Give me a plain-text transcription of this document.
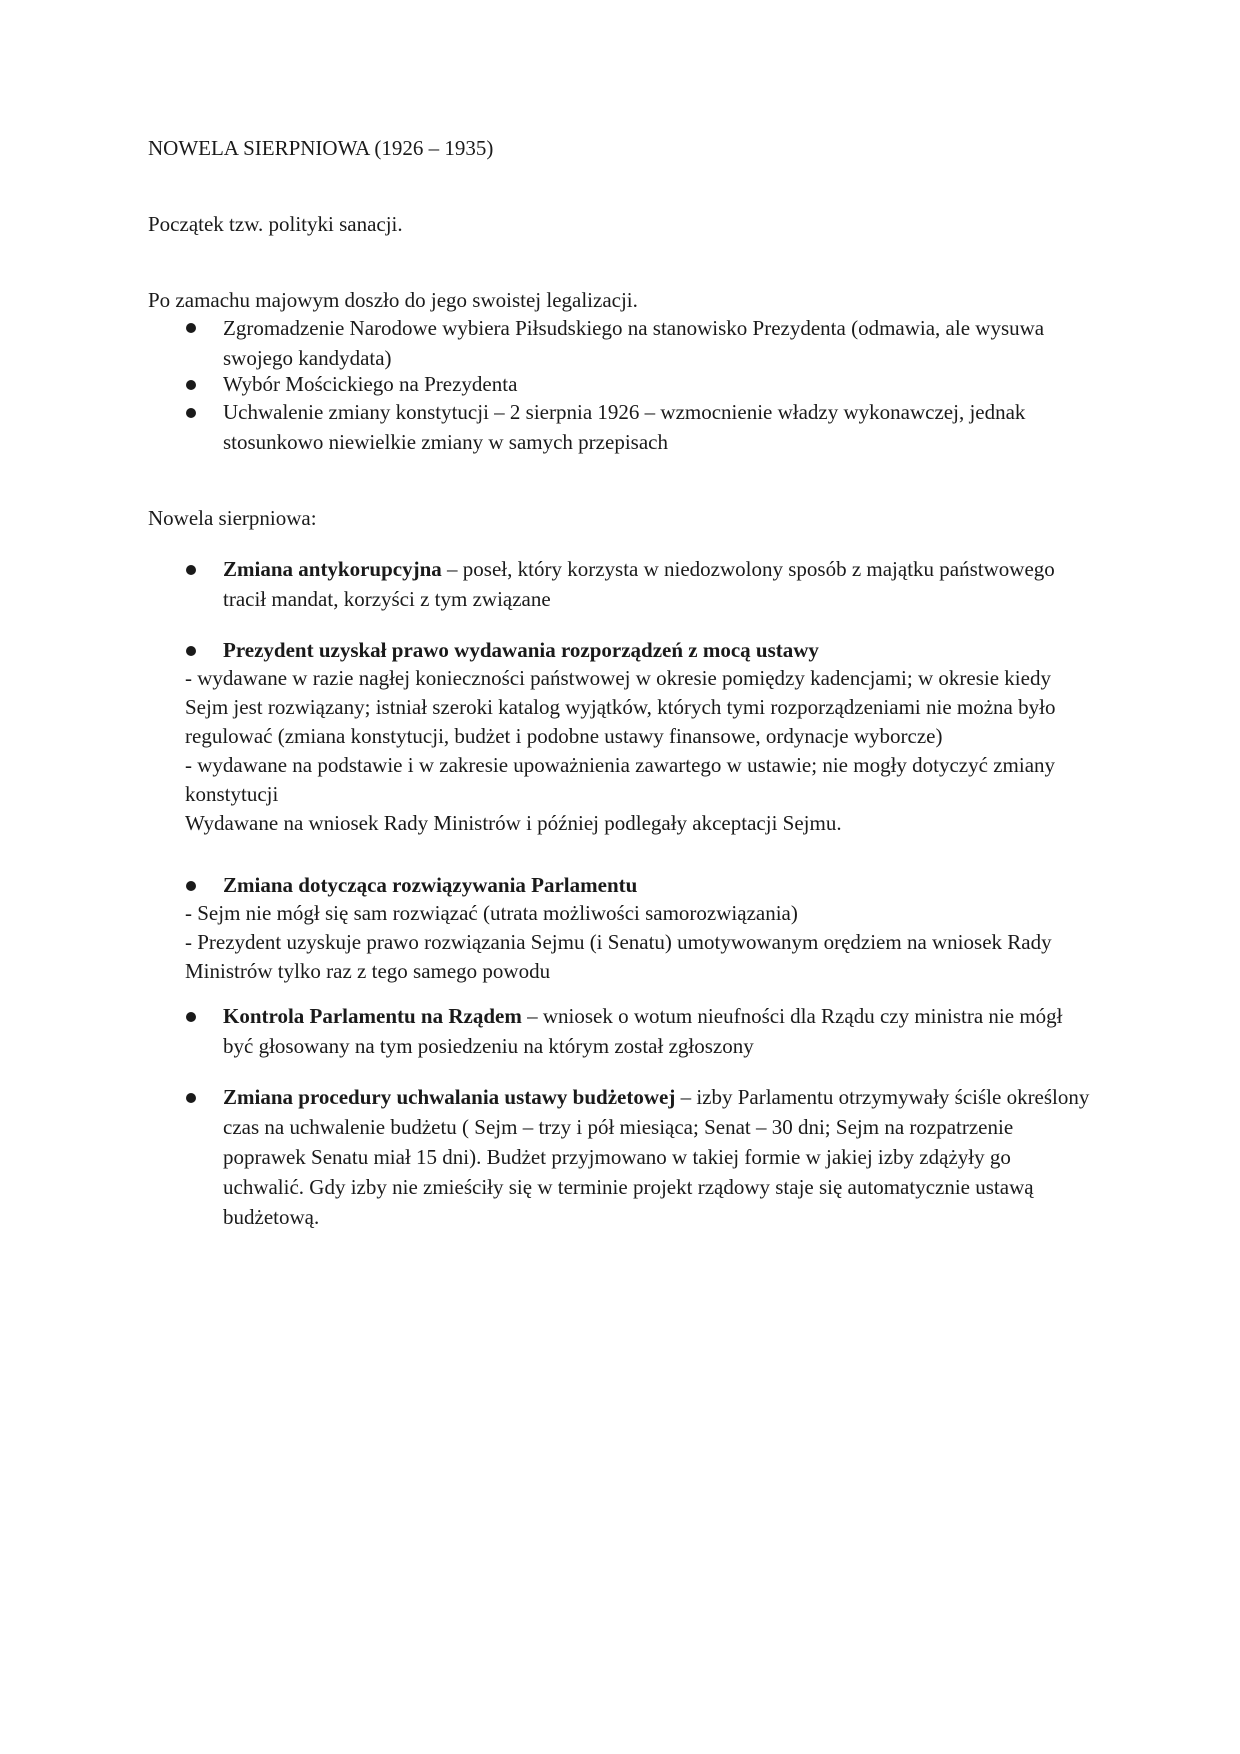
NOWELA SIERPNIOWA (1926 – 1935)

Początek tzw. polityki sanacji.

Po zamachu majowym doszło do jego swoistej legalizacji.

Zgromadzenie Narodowe wybiera Piłsudskiego na stanowisko Prezydenta (odmawia, ale wysuwa swojego kandydata)
Wybór Mościckiego na Prezydenta
Uchwalenie zmiany konstytucji – 2 sierpnia 1926 – wzmocnienie władzy wykonawczej, jednak stosunkowo niewielkie zmiany w samych przepisach

Nowela sierpniowa:

Zmiana antykorupcyjna – poseł, który korzysta w niedozwolony sposób z majątku państwowego tracił mandat, korzyści z tym związane
Prezydent uzyskał prawo wydawania rozporządzeń z mocą ustawy
- wydawane w razie nagłej konieczności państwowej w okresie pomiędzy kadencjami; w okresie kiedy Sejm jest rozwiązany; istniał szeroki katalog wyjątków, których tymi rozporządzeniami nie można było regulować (zmiana konstytucji, budżet i podobne ustawy finansowe, ordynacje wyborcze)
- wydawane na podstawie i w zakresie upoważnienia zawartego w ustawie; nie mogły dotyczyć zmiany konstytucji
Wydawane na wniosek Rady Ministrów i później podlegały akceptacji Sejmu.
Zmiana dotycząca rozwiązywania Parlamentu
- Sejm nie mógł się sam rozwiązać (utrata możliwości samorozwiązania)
- Prezydent uzyskuje prawo rozwiązania Sejmu (i Senatu) umotywowanym orędziem na wniosek Rady Ministrów tylko raz z tego samego powodu
Kontrola Parlamentu na Rządem – wniosek o wotum nieufności dla Rządu czy ministra nie mógł być głosowany na tym posiedzeniu na którym został zgłoszony
Zmiana procedury uchwalania ustawy budżetowej – izby Parlamentu otrzymywały ściśle określony czas na uchwalenie budżetu ( Sejm – trzy i pół miesiąca; Senat – 30 dni; Sejm na rozpatrzenie poprawek Senatu miał 15 dni). Budżet przyjmowano w takiej formie w jakiej izby zdążyły go uchwalić. Gdy izby nie zmieściły się w terminie projekt rządowy staje się automatycznie ustawą budżetową.
